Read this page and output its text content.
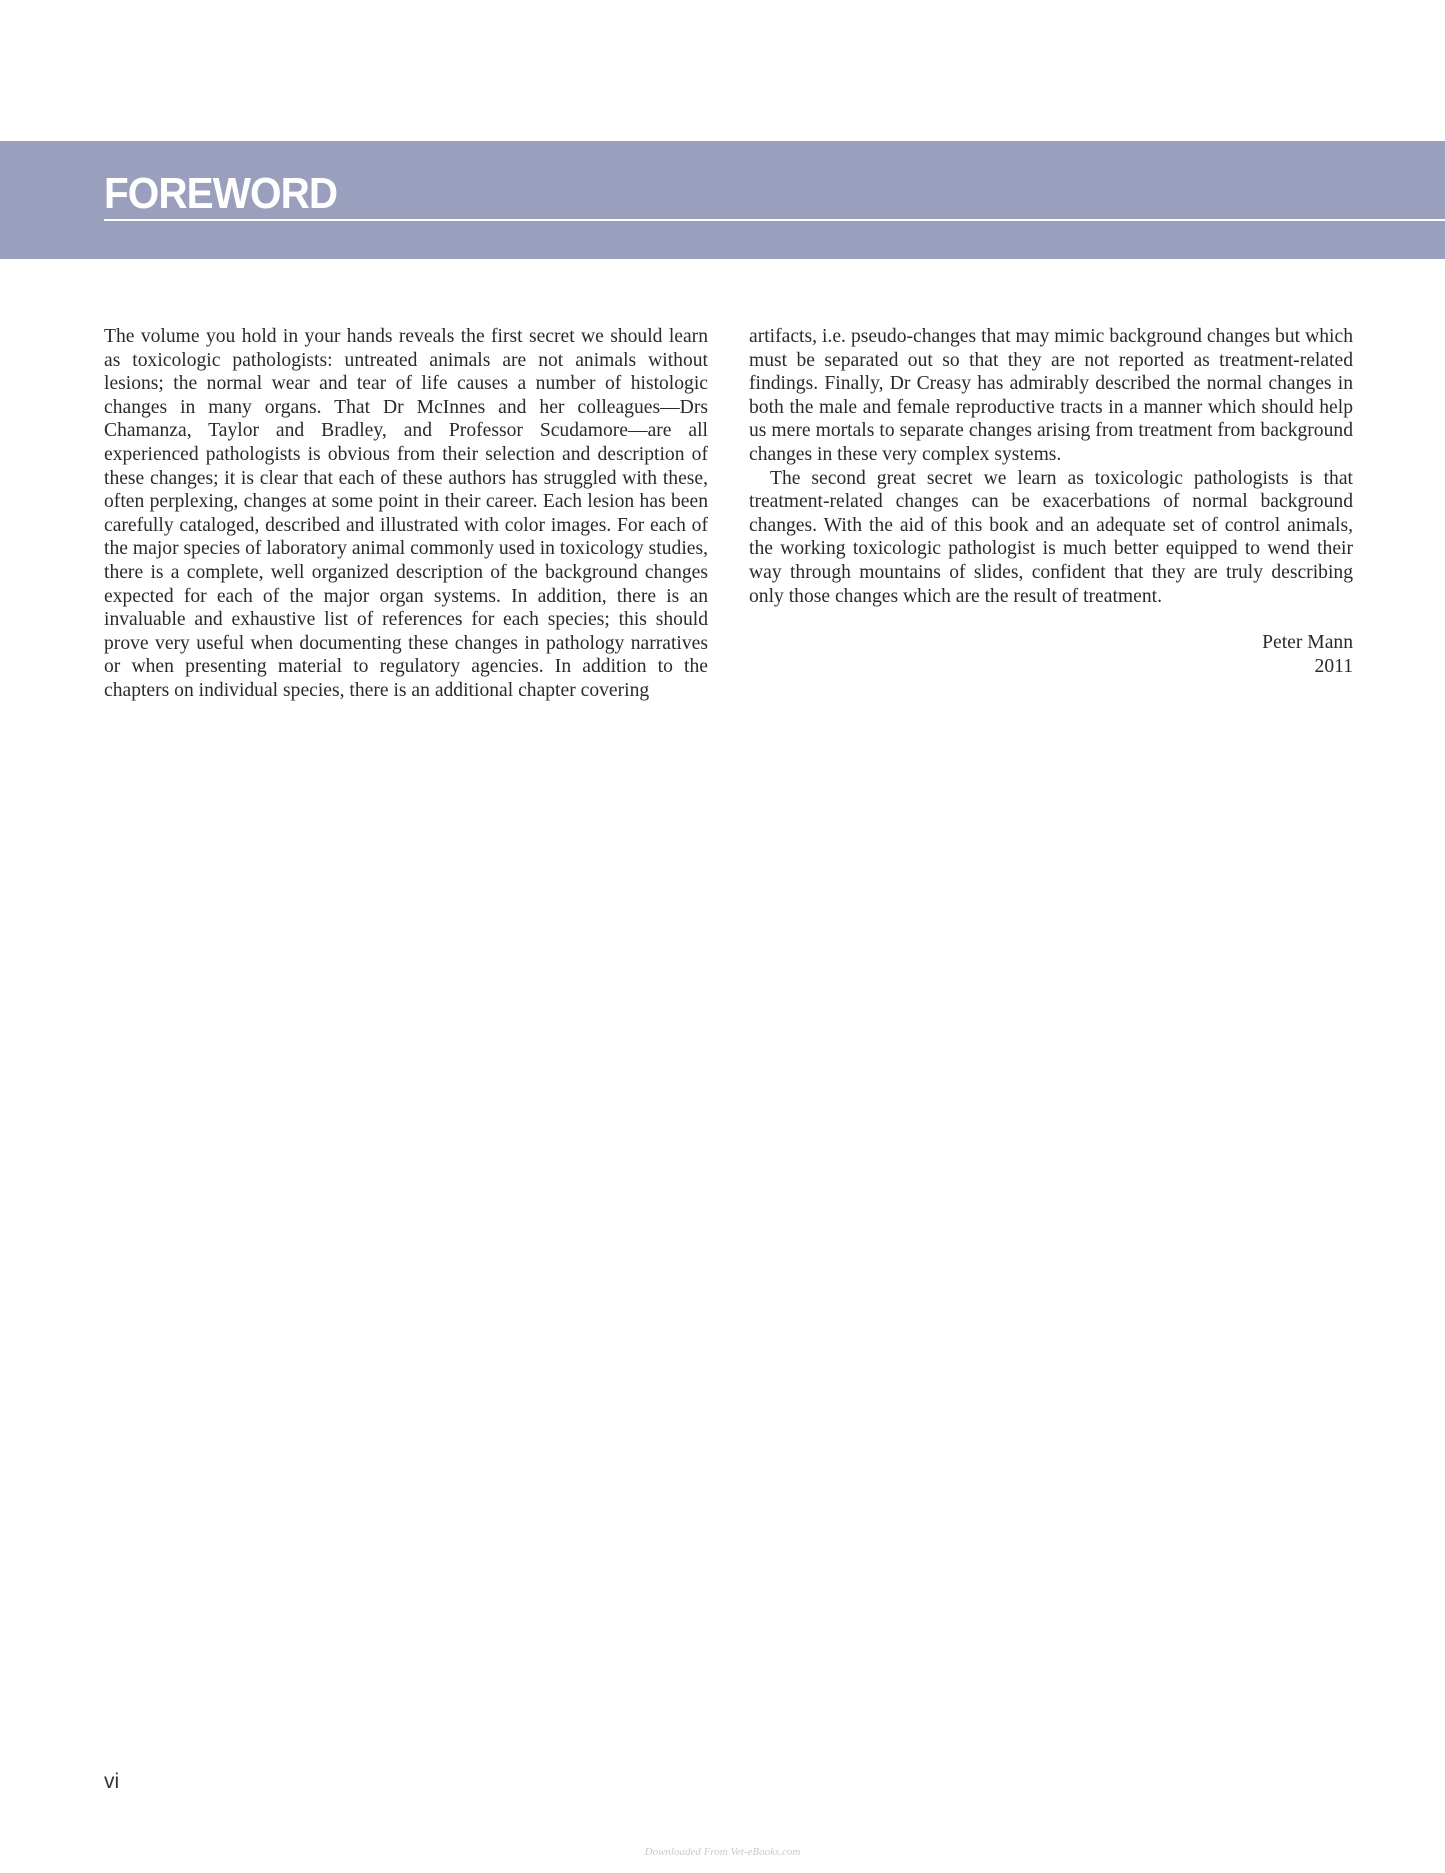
FOREWORD

The volume you hold in your hands reveals the first secret we should learn as toxicologic pathologists: untreated animals are not animals without lesions; the normal wear and tear of life causes a number of histologic changes in many organs. That Dr McInnes and her colleagues—Drs Chamanza, Taylor and Bradley, and Professor Scudamore—are all experienced pathologists is obvious from their selection and description of these changes; it is clear that each of these authors has struggled with these, often perplexing, changes at some point in their career. Each lesion has been carefully cataloged, described and illustrated with color images. For each of the major species of laboratory animal commonly used in toxicology studies, there is a complete, well organized description of the background changes expected for each of the major organ systems. In addition, there is an invaluable and exhaustive list of references for each species; this should prove very useful when documenting these changes in pathology narratives or when presenting material to regulatory agencies. In addition to the chapters on individual species, there is an additional chapter covering

artifacts, i.e. pseudo-changes that may mimic background changes but which must be separated out so that they are not reported as treatment-related findings. Finally, Dr Creasy has admirably described the normal changes in both the male and female reproductive tracts in a manner which should help us mere mortals to separate changes arising from treatment from background changes in these very complex systems.

The second great secret we learn as toxicologic pathologists is that treatment-related changes can be exacerbations of normal background changes. With the aid of this book and an adequate set of control animals, the working toxicologic pathologist is much better equipped to wend their way through mountains of slides, confident that they are truly describing only those changes which are the result of treatment.

Peter Mann
2011
vi
Downloaded From Vet-eBooks.com
